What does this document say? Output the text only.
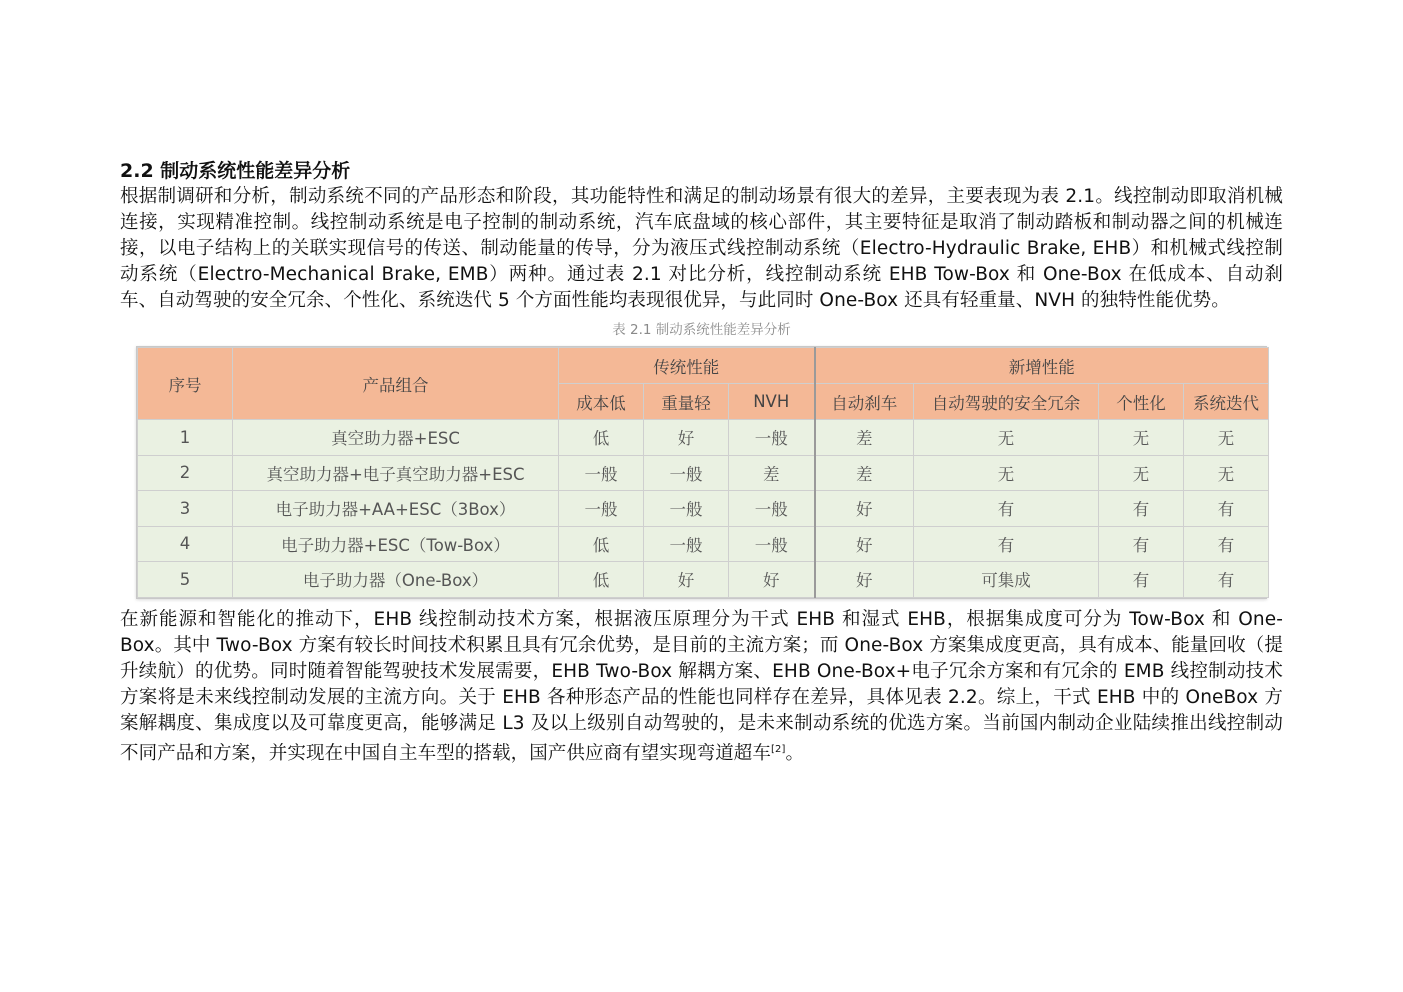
2.2 制动系统性能差异分析

根据制调研和分析，制动系统不同的产品形态和阶段，其功能特性和满足的制动场景有很大的差异，主要表现为表 2.1。线控制动即取消机械连接，实现精准控制。线控制动系统是电子控制的制动系统，汽车底盘域的核心部件，其主要特征是取消了制动踏板和制动器之间的机械连接，以电子结构上的关联实现信号的传送、制动能量的传导，分为液压式线控制动系统（Electro-Hydraulic Brake, EHB）和机械式线控制动系统（Electro-Mechanical Brake, EMB）两种。通过表 2.1 对比分析，线控制动系统 EHB Tow-Box 和 One-Box 在低成本、自动刹车、自动驾驶的安全冗余、个性化、系统迭代 5 个方面性能均表现很优异，与此同时 One-Box 还具有轻重量、NVH 的独特性能优势。

表 2.1 制动系统性能差异分析
序号	产品组合	传统性能			新增性能			
		成本低	重量轻	NVH	自动刹车	自动驾驶的安全冗余	个性化	系统迭代
1	真空助力器+ESC	低	好	一般	差	无	无	无
2	真空助力器+电子真空助力器+ESC	一般	一般	差	差	无	无	无
3	电子助力器+AA+ESC（3Box）	一般	一般	一般	好	有	有	有
4	电子助力器+ESC（Tow-Box）	低	一般	一般	好	有	有	有
5	电子助力器（One-Box）	低	好	好	好	可集成	有	有

在新能源和智能化的推动下，EHB 线控制动技术方案，根据液压原理分为干式 EHB 和湿式 EHB，根据集成度可分为 Tow-Box 和 One-Box。其中 Two-Box 方案有较长时间技术积累且具有冗余优势，是目前的主流方案；而 One-Box 方案集成度更高，具有成本、能量回收（提升续航）的优势。同时随着智能驾驶技术发展需要，EHB Two-Box 解耦方案、EHB One-Box+电子冗余方案和有冗余的 EMB 线控制动技术方案将是未来线控制动发展的主流方向。关于 EHB 各种形态产品的性能也同样存在差异，具体见表 2.2。综上，干式 EHB 中的 OneBox 方案解耦度、集成度以及可靠度更高，能够满足 L3 及以上级别自动驾驶的，是未来制动系统的优选方案。当前国内制动企业陆续推出线控制动不同产品和方案，并实现在中国自主车型的搭载，国产供应商有望实现弯道超车[2]。
